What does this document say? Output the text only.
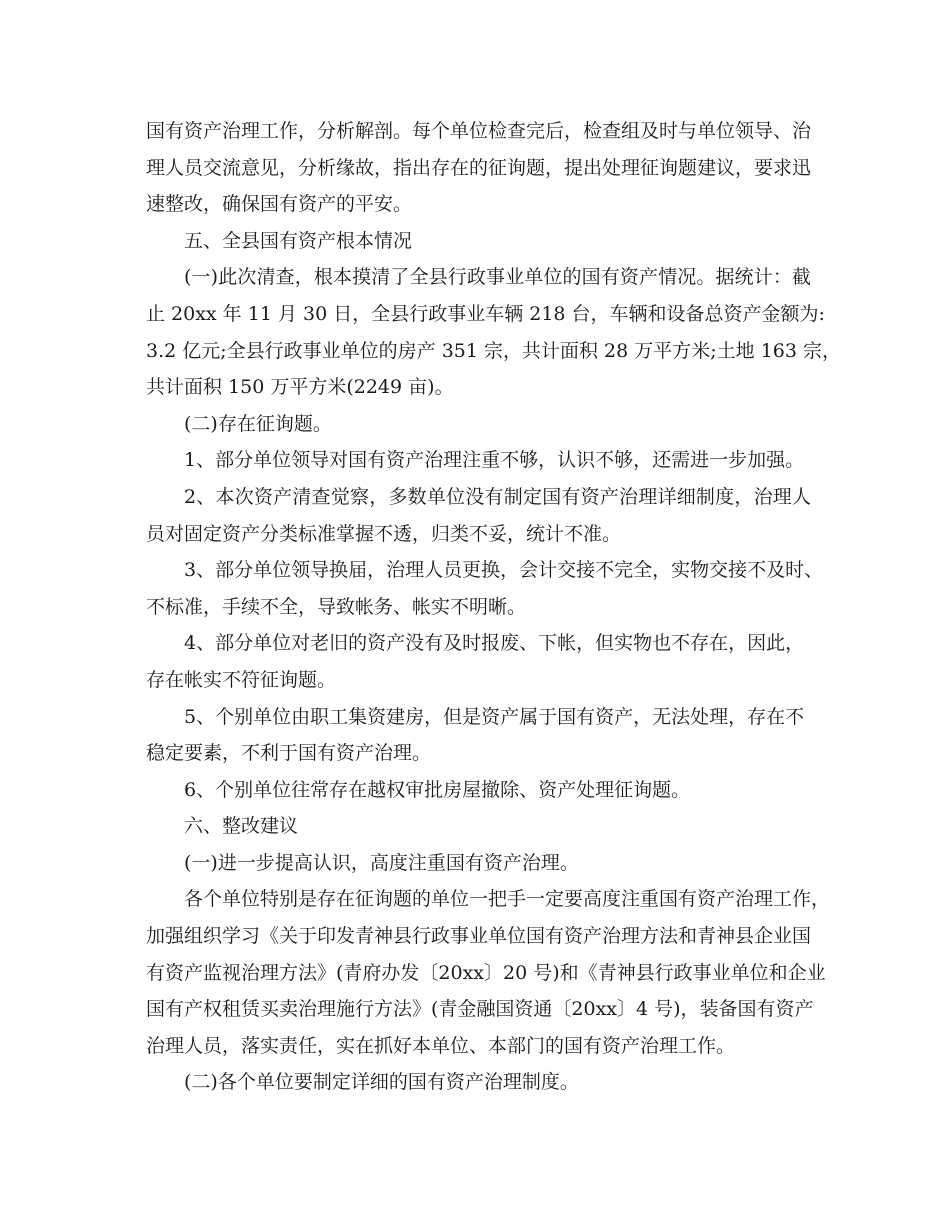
国有资产治理工作，分析解剖。每个单位检查完后，检查组及时与单位领导、治
理人员交流意见，分析缘故，指出存在的征询题，提出处理征询题建议，要求迅
速整改，确保国有资产的平安。
五、全县国有资产根本情况
(一)此次清查，根本摸清了全县行政事业单位的国有资产情况。据统计：截
止 20xx 年 11 月 30 日，全县行政事业车辆 218 台，车辆和设备总资产金额为:
3.2 亿元;全县行政事业单位的房产 351 宗，共计面积 28 万平方米;土地 163 宗，
共计面积 150 万平方米(2249 亩)。
(二)存在征询题。
1、部分单位领导对国有资产治理注重不够，认识不够，还需进一步加强。
2、本次资产清查觉察，多数单位没有制定国有资产治理详细制度，治理人
员对固定资产分类标准掌握不透，归类不妥，统计不准。
3、部分单位领导换届，治理人员更换，会计交接不完全，实物交接不及时、
不标准，手续不全，导致帐务、帐实不明晰。
4、部分单位对老旧的资产没有及时报废、下帐，但实物也不存在，因此，
存在帐实不符征询题。
5、个别单位由职工集资建房，但是资产属于国有资产，无法处理，存在不
稳定要素，不利于国有资产治理。
6、个别单位往常存在越权审批房屋撤除、资产处理征询题。
六、整改建议
(一)进一步提高认识，高度注重国有资产治理。
各个单位特别是存在征询题的单位一把手一定要高度注重国有资产治理工作，
加强组织学习《关于印发青神县行政事业单位国有资产治理方法和青神县企业国
有资产监视治理方法》(青府办发〔20xx〕20 号)和《青神县行政事业单位和企业
国有产权租赁买卖治理施行方法》(青金融国资通〔20xx〕4 号)，装备国有资产
治理人员，落实责任，实在抓好本单位、本部门的国有资产治理工作。
(二)各个单位要制定详细的国有资产治理制度。
